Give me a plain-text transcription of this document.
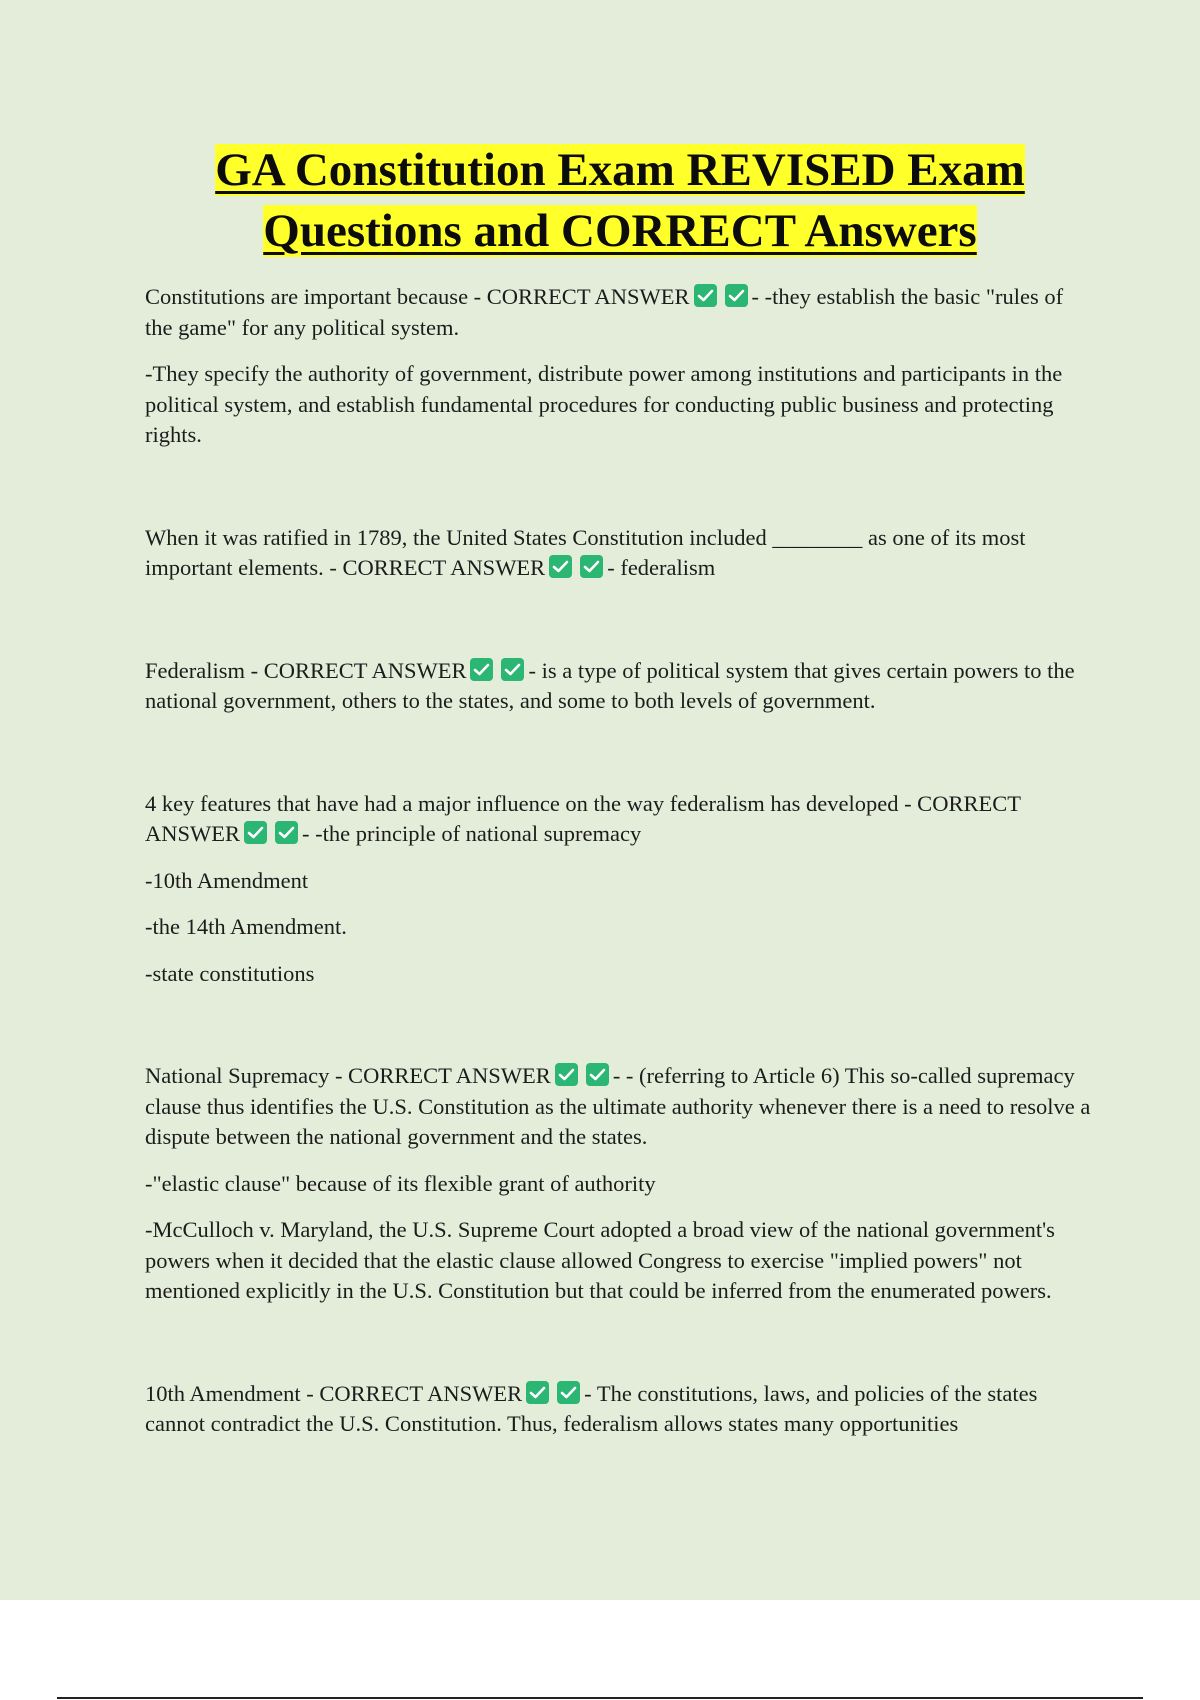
GA Constitution Exam REVISED Exam
Questions and CORRECT Answers

Constitutions are important because - CORRECT ANSWER	- -they establish the basic "rules of the game" for any political system.

-They specify the authority of government, distribute power among institutions and participants in the political system, and establish fundamental procedures for conducting public business and protecting rights.

When it was ratified in 1789, the United States Constitution included ________ as one of its most important elements. - CORRECT ANSWER	- federalism

Federalism - CORRECT ANSWER	- is a type of political system that gives certain powers to the national government, others to the states, and some to both levels of government.

4 key features that have had a major influence on the way federalism has developed - CORRECT ANSWER	- -the principle of national supremacy

-10th Amendment

-the 14th Amendment.

-state constitutions

National Supremacy - CORRECT ANSWER	- - (referring to Article 6) This so-called supremacy clause thus identifies the U.S. Constitution as the ultimate authority whenever there is a need to resolve a dispute between the national government and the states.

-"elastic clause" because of its flexible grant of authority

-McCulloch v. Maryland, the U.S. Supreme Court adopted a broad view of the national government's powers when it decided that the elastic clause allowed Congress to exercise "implied powers" not mentioned explicitly in the U.S. Constitution but that could be inferred from the enumerated powers.

10th Amendment - CORRECT ANSWER	- The constitutions, laws, and policies of the states cannot contradict the U.S. Constitution. Thus, federalism allows states many opportunities
